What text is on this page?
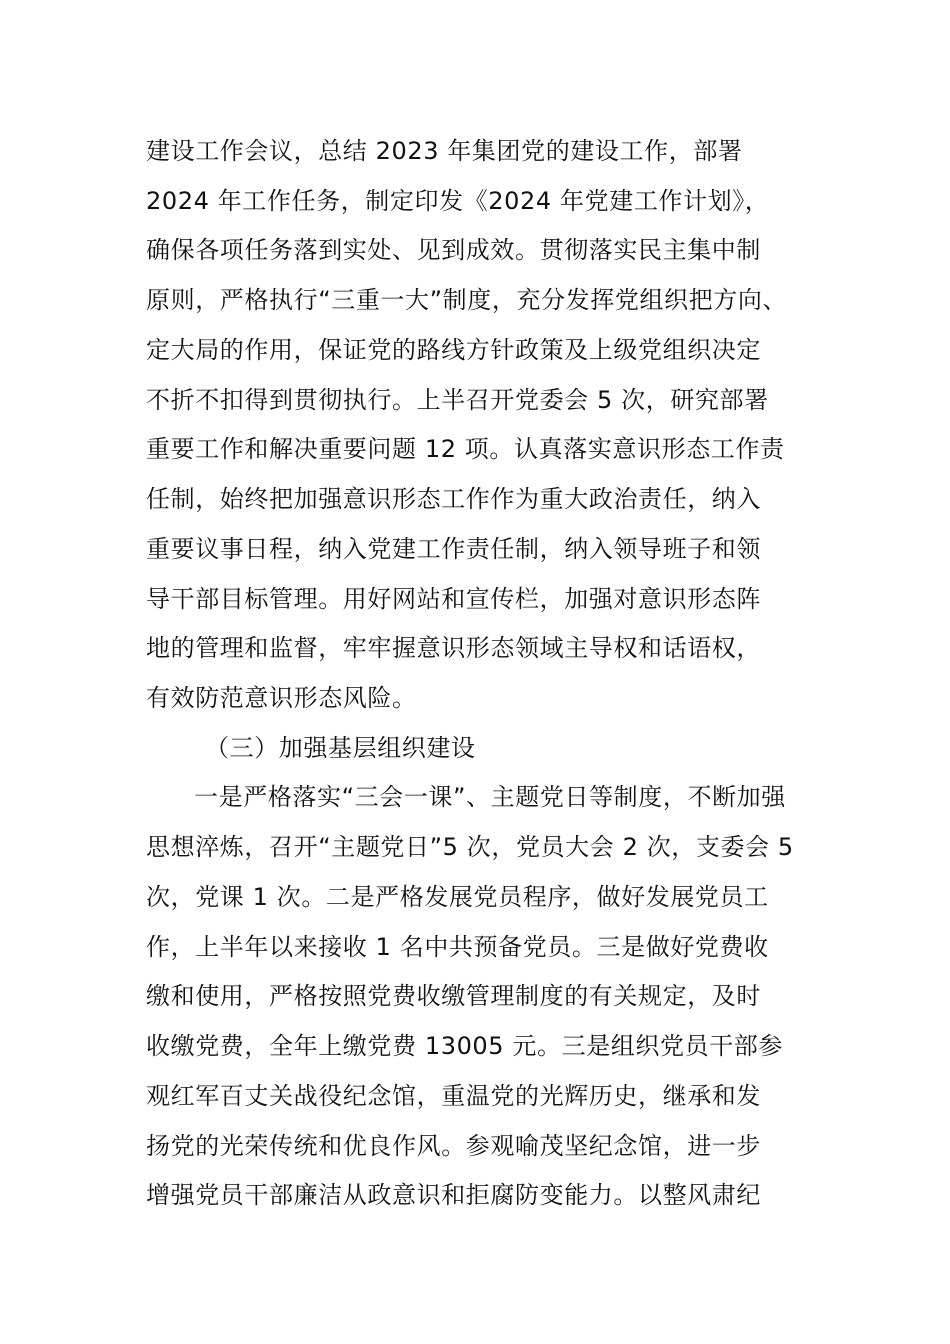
建设工作会议，总结 2023 年集团党的建设工作，部署
2024 年工作任务，制定印发《2024 年党建工作计划》，
确保各项任务落到实处、见到成效。贯彻落实民主集中制
原则，严格执行“三重一大”制度，充分发挥党组织把方向、
定大局的作用，保证党的路线方针政策及上级党组织决定
不折不扣得到贯彻执行。上半召开党委会 5 次，研究部署
重要工作和解决重要问题 12 项。认真落实意识形态工作责
任制，始终把加强意识形态工作作为重大政治责任，纳入
重要议事日程，纳入党建工作责任制，纳入领导班子和领
导干部目标管理。用好网站和宣传栏，加强对意识形态阵
地的管理和监督，牢牢握意识形态领域主导权和话语权，
有效防范意识形态风险。
（三）加强基层组织建设
一是严格落实“三会一课”、主题党日等制度，不断加强
思想淬炼，召开“主题党日”5 次，党员大会 2 次，支委会 5
次，党课 1 次。二是严格发展党员程序，做好发展党员工
作，上半年以来接收 1 名中共预备党员。三是做好党费收
缴和使用，严格按照党费收缴管理制度的有关规定，及时
收缴党费，全年上缴党费 13005 元。三是组织党员干部参
观红军百丈关战役纪念馆，重温党的光辉历史，继承和发
扬党的光荣传统和优良作风。参观喻茂坚纪念馆，进一步
增强党员干部廉洁从政意识和拒腐防变能力。以整风肃纪
